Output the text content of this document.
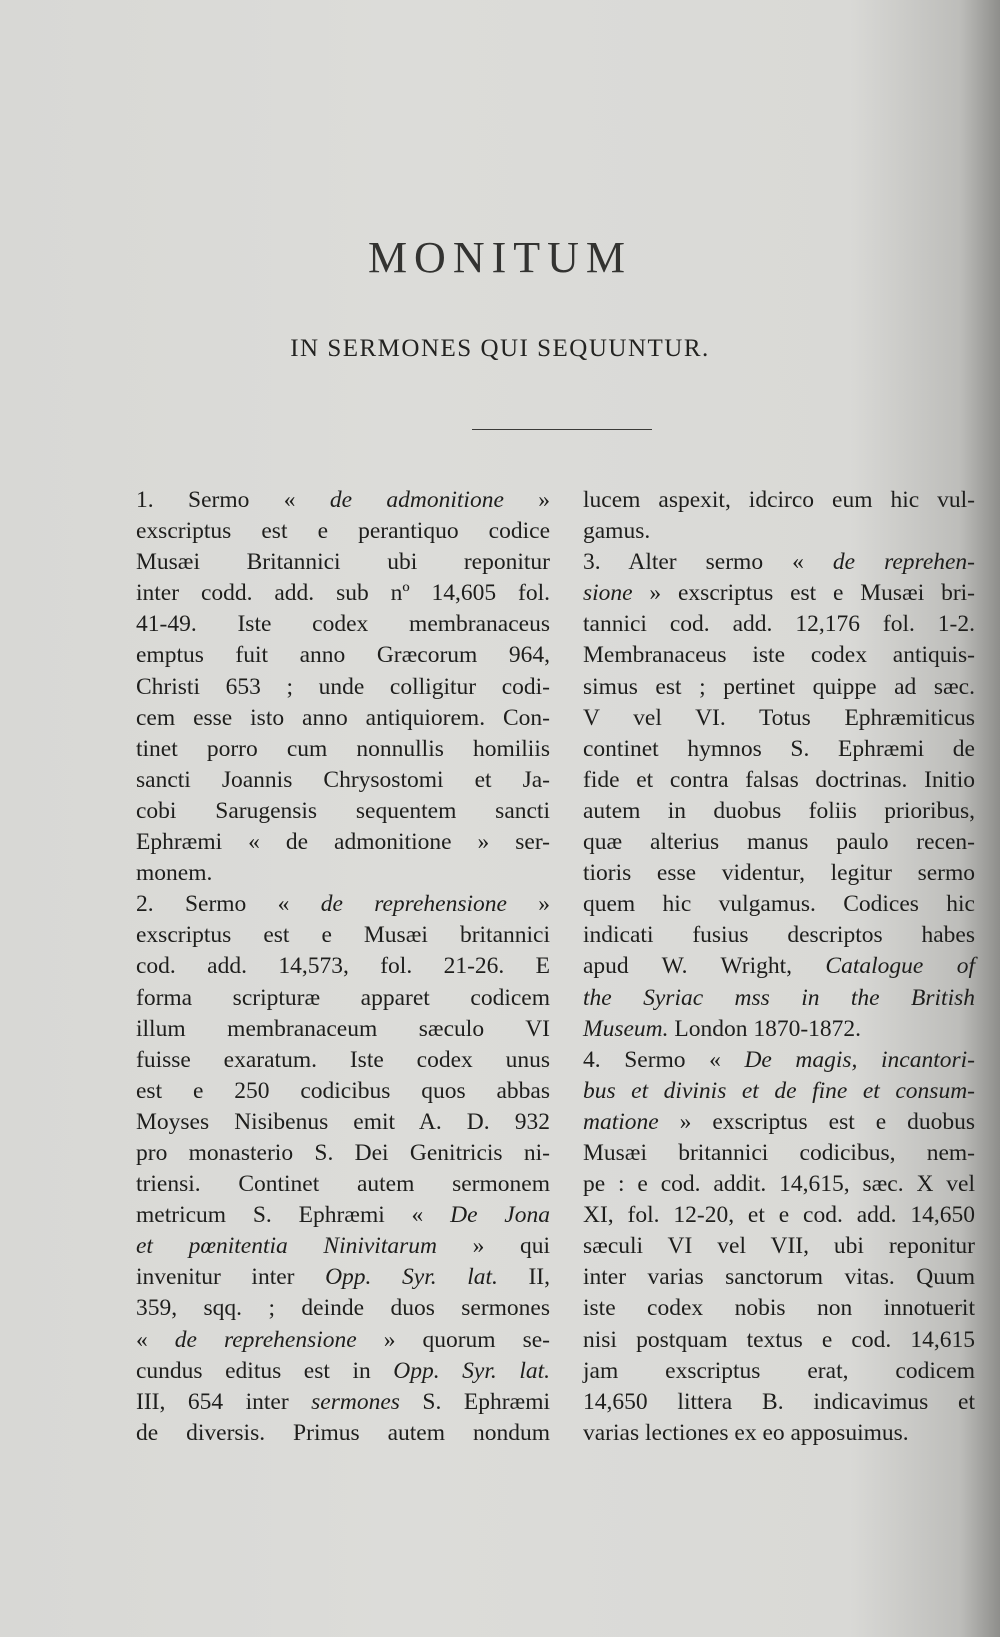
MONITUM
IN SERMONES QUI SEQUUNTUR.

1. Sermo « de admonitione »

exscriptus est e perantiquo codice

Musæi Britannici ubi reponitur

inter codd. add. sub nº 14,605 fol.

41-49. Iste codex membranaceus

emptus fuit anno Græcorum 964,

Christi 653 ; unde colligitur codi-

cem esse isto anno antiquiorem. Con-

tinet porro cum nonnullis homiliis

sancti Joannis Chrysostomi et Ja-

cobi Sarugensis sequentem sancti

Ephræmi « de admonitione » ser-

monem.

2. Sermo « de reprehensione »

exscriptus est e Musæi britannici

cod. add. 14,573, fol. 21-26. E

forma scripturæ apparet codicem

illum membranaceum sæculo VI

fuisse exaratum. Iste codex unus

est e 250 codicibus quos abbas

Moyses Nisibenus emit A. D. 932

pro monasterio S. Dei Genitricis ni-

triensi. Continet autem sermonem

metricum S. Ephræmi « De Jona

et pœnitentia Ninivitarum » qui

invenitur inter Opp. Syr. lat. II,

359, sqq. ; deinde duos sermones

« de reprehensione » quorum se-

cundus editus est in Opp. Syr. lat.

III, 654 inter sermones S. Ephræmi

de diversis. Primus autem nondum

lucem aspexit, idcirco eum hic vul-

gamus.

3. Alter sermo « de reprehen-

sione » exscriptus est e Musæi bri-

tannici cod. add. 12,176 fol. 1-2.

Membranaceus iste codex antiquis-

simus est ; pertinet quippe ad sæc.

V vel VI. Totus Ephræmiticus

continet hymnos S. Ephræmi de

fide et contra falsas doctrinas. Initio

autem in duobus foliis prioribus,

quæ alterius manus paulo recen-

tioris esse videntur, legitur sermo

quem hic vulgamus. Codices hic

indicati fusius descriptos habes

apud W. Wright, Catalogue of

the Syriac mss in the British

Museum. London 1870-1872.

4. Sermo « De magis, incantori-

bus et divinis et de fine et consum-

matione » exscriptus est e duobus

Musæi britannici codicibus, nem-

pe : e cod. addit. 14,615, sæc. X vel

XI, fol. 12-20, et e cod. add. 14,650

sæculi VI vel VII, ubi reponitur

inter varias sanctorum vitas. Quum

iste codex nobis non innotuerit

nisi postquam textus e cod. 14,615

jam exscriptus erat, codicem

14,650 littera B. indicavimus et

varias lectiones ex eo apposuimus.
